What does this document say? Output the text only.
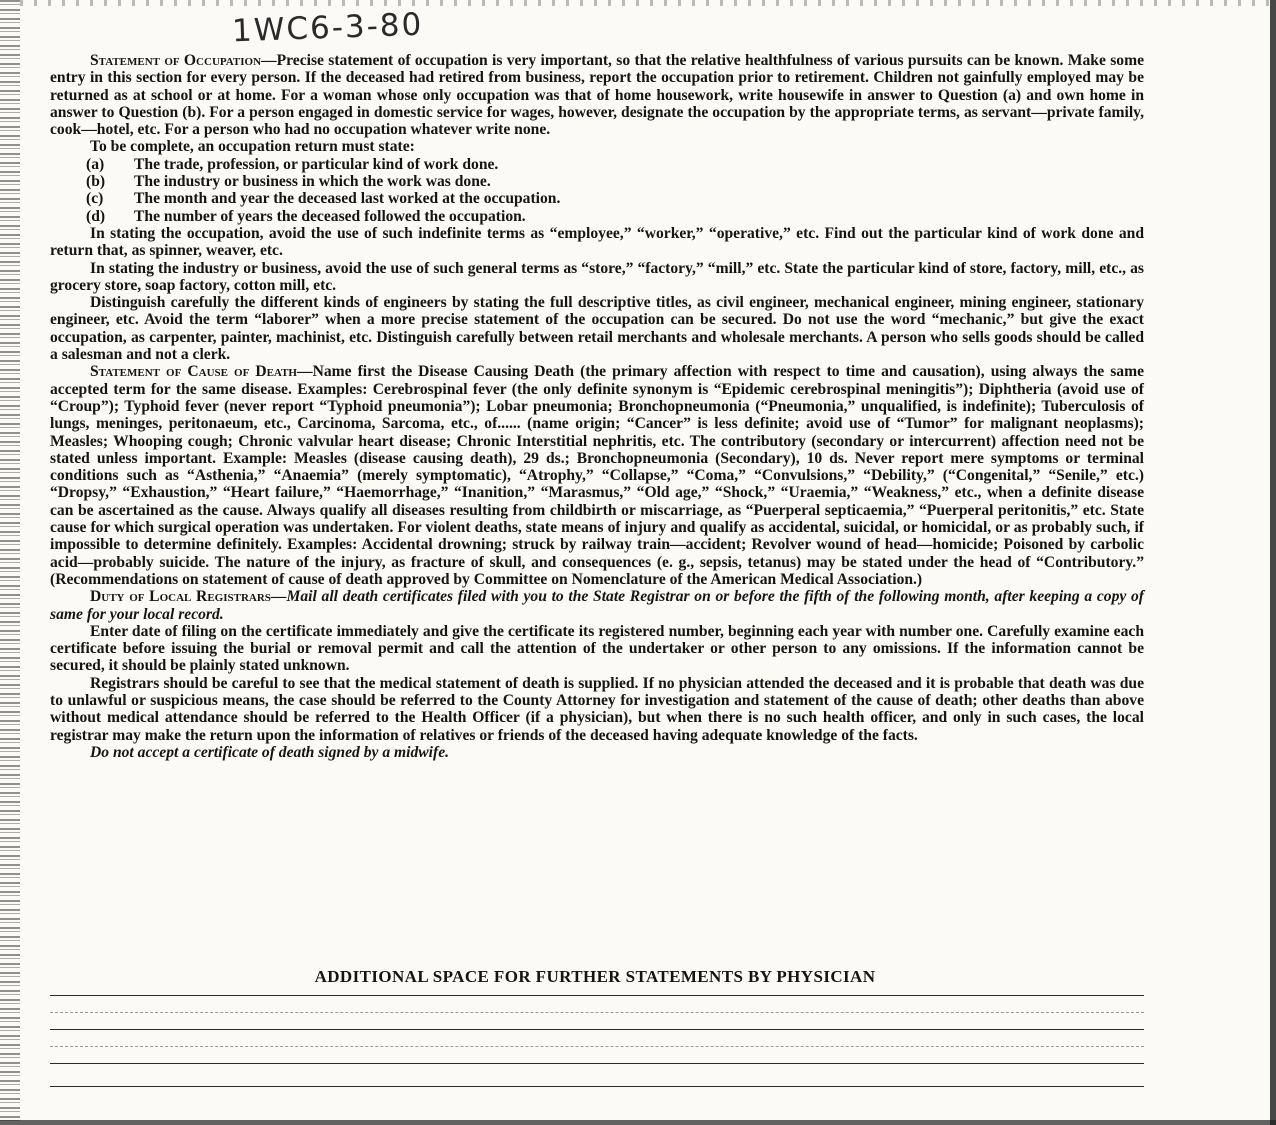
1WC6-3-80

Statement of Occupation—Precise statement of occupation is very important, so that the relative healthfulness of various pursuits can be known. Make some entry in this section for every person. If the deceased had retired from business, report the occupation prior to retirement. Children not gainfully employed may be returned as at school or at home. For a woman whose only occupation was that of home housework, write housewife in answer to Question (a) and own home in answer to Question (b). For a person engaged in domestic service for wages, however, designate the occupation by the appropriate terms, as servant—private family, cook—hotel, etc. For a person who had no occupation whatever write none.

To be complete, an occupation return must state:

(a) The trade, profession, or particular kind of work done.

(b) The industry or business in which the work was done.

(c) The month and year the deceased last worked at the occupation.

(d) The number of years the deceased followed the occupation.

In stating the occupation, avoid the use of such indefinite terms as “employee,” “worker,” “operative,” etc. Find out the particular kind of work done and return that, as spinner, weaver, etc.

In stating the industry or business, avoid the use of such general terms as “store,” “factory,” “mill,” etc. State the particular kind of store, factory, mill, etc., as grocery store, soap factory, cotton mill, etc.

Distinguish carefully the different kinds of engineers by stating the full descriptive titles, as civil engineer, mechanical engineer, mining engineer, stationary engineer, etc. Avoid the term “laborer” when a more precise statement of the occupation can be secured. Do not use the word “mechanic,” but give the exact occupation, as carpenter, painter, machinist, etc. Distinguish carefully between retail merchants and wholesale merchants. A person who sells goods should be called a salesman and not a clerk.

Statement of Cause of Death—Name first the Disease Causing Death (the primary affection with respect to time and causation), using always the same accepted term for the same disease. Examples: Cerebrospinal fever (the only definite synonym is “Epidemic cerebrospinal meningitis”); Diphtheria (avoid use of “Croup”); Typhoid fever (never report “Typhoid pneumonia”); Lobar pneumonia; Bronchopneumonia (“Pneumonia,” unqualified, is indefinite); Tuberculosis of lungs, meninges, peritonaeum, etc., Carcinoma, Sarcoma, etc., of...... (name origin; “Cancer” is less definite; avoid use of “Tumor” for malignant neoplasms); Measles; Whooping cough; Chronic valvular heart disease; Chronic Interstitial nephritis, etc. The contributory (secondary or intercurrent) affection need not be stated unless important. Example: Measles (disease causing death), 29 ds.; Bronchopneumonia (Secondary), 10 ds. Never report mere symptoms or terminal conditions such as “Asthenia,” “Anaemia” (merely symptomatic), “Atrophy,” “Collapse,” “Coma,” “Convulsions,” “Debility,” (“Congenital,” “Senile,” etc.) “Dropsy,” “Exhaustion,” “Heart failure,” “Haemorrhage,” “Inanition,” “Marasmus,” “Old age,” “Shock,” “Uraemia,” “Weakness,” etc., when a definite disease can be ascertained as the cause. Always qualify all diseases resulting from childbirth or miscarriage, as “Puerperal septicaemia,” “Puerperal peritonitis,” etc. State cause for which surgical operation was undertaken. For violent deaths, state means of injury and qualify as accidental, suicidal, or homicidal, or as probably such, if impossible to determine definitely. Examples: Accidental drowning; struck by railway train—accident; Revolver wound of head—homicide; Poisoned by carbolic acid—probably suicide. The nature of the injury, as fracture of skull, and consequences (e. g., sepsis, tetanus) may be stated under the head of “Contributory.” (Recommendations on statement of cause of death approved by Committee on Nomenclature of the American Medical Association.)

Duty of Local Registrars—Mail all death certificates filed with you to the State Registrar on or before the fifth of the following month, after keeping a copy of same for your local record.

Enter date of filing on the certificate immediately and give the certificate its registered number, beginning each year with number one. Carefully examine each certificate before issuing the burial or removal permit and call the attention of the undertaker or other person to any omissions. If the information cannot be secured, it should be plainly stated unknown.

Registrars should be careful to see that the medical statement of death is supplied. If no physician attended the deceased and it is probable that death was due to unlawful or suspicious means, the case should be referred to the County Attorney for investigation and statement of the cause of death; other deaths than above without medical attendance should be referred to the Health Officer (if a physician), but when there is no such health officer, and only in such cases, the local registrar may make the return upon the information of relatives or friends of the deceased having adequate knowledge of the facts.

Do not accept a certificate of death signed by a midwife.

ADDITIONAL SPACE FOR FURTHER STATEMENTS BY PHYSICIAN
